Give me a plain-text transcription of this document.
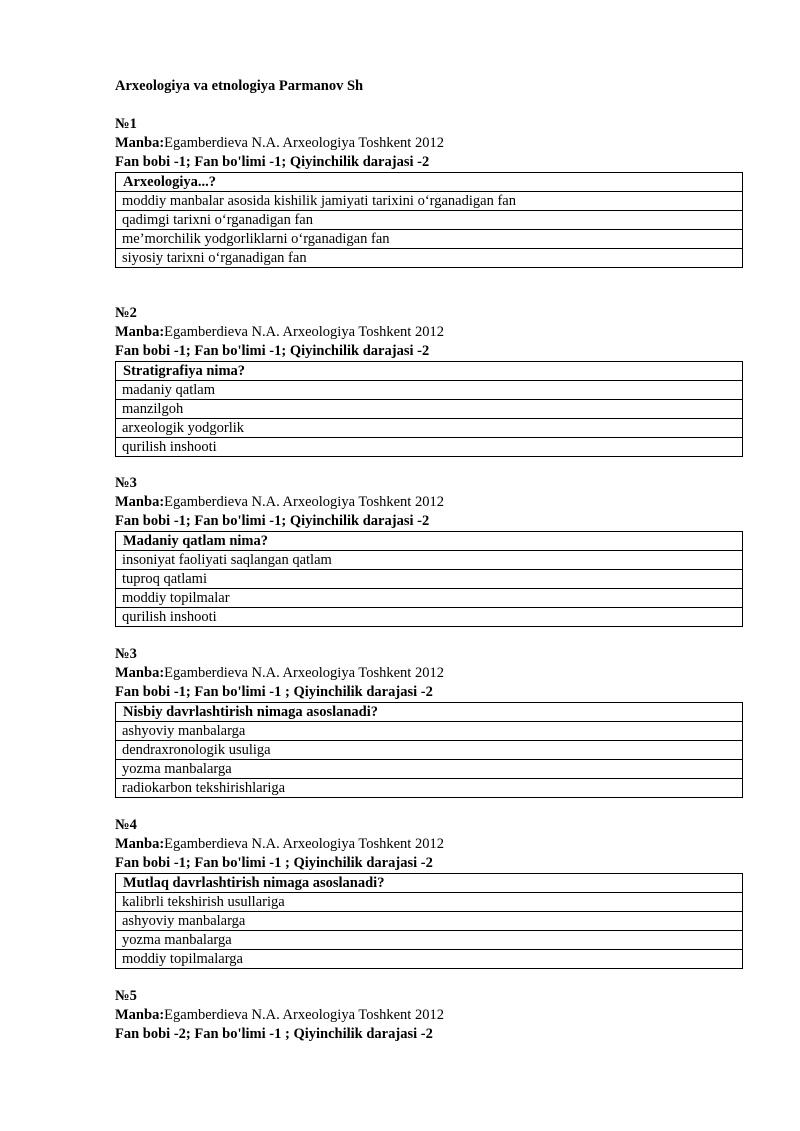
Arxeologiya va etnologiya Parmanov Sh
№1
Manba:Egamberdieva N.A. Arxeologiya Toshkent 2012
Fan bobi -1; Fan bo'limi -1; Qiyinchilik darajasi -2
Arxeologiya...?
moddiy manbalar asosida kishilik jamiyati tarixini o‘rganadigan fan
qadimgi tarixni o‘rganadigan fan
me’morchilik yodgorliklarni o‘rganadigan fan
siyosiy tarixni o‘rganadigan fan
№2
Manba:Egamberdieva N.A. Arxeologiya Toshkent 2012
Fan bobi -1; Fan bo'limi -1; Qiyinchilik darajasi -2
Stratigrafiya nima?
madaniy qatlam
manzilgoh
arxeologik yodgorlik
qurilish inshooti
№3
Manba:Egamberdieva N.A. Arxeologiya Toshkent 2012
Fan bobi -1; Fan bo'limi -1; Qiyinchilik darajasi -2
Madaniy qatlam nima?
insoniyat faoliyati saqlangan qatlam
tuproq qatlami
moddiy topilmalar
qurilish inshooti
№3
Manba:Egamberdieva N.A. Arxeologiya Toshkent 2012
Fan bobi -1; Fan bo'limi -1 ; Qiyinchilik darajasi -2
Nisbiy davrlashtirish nimaga asoslanadi?
ashyoviy manbalarga
dendraxronologik usuliga
yozma manbalarga
radiokarbon tekshirishlariga
№4
Manba:Egamberdieva N.A. Arxeologiya Toshkent 2012
Fan bobi -1; Fan bo'limi -1 ; Qiyinchilik darajasi -2
Mutlaq davrlashtirish nimaga asoslanadi?
kalibrli tekshirish usullariga
ashyoviy manbalarga
yozma manbalarga
moddiy topilmalarga
№5
Manba:Egamberdieva N.A. Arxeologiya Toshkent 2012
Fan bobi -2; Fan bo'limi -1 ; Qiyinchilik darajasi -2
